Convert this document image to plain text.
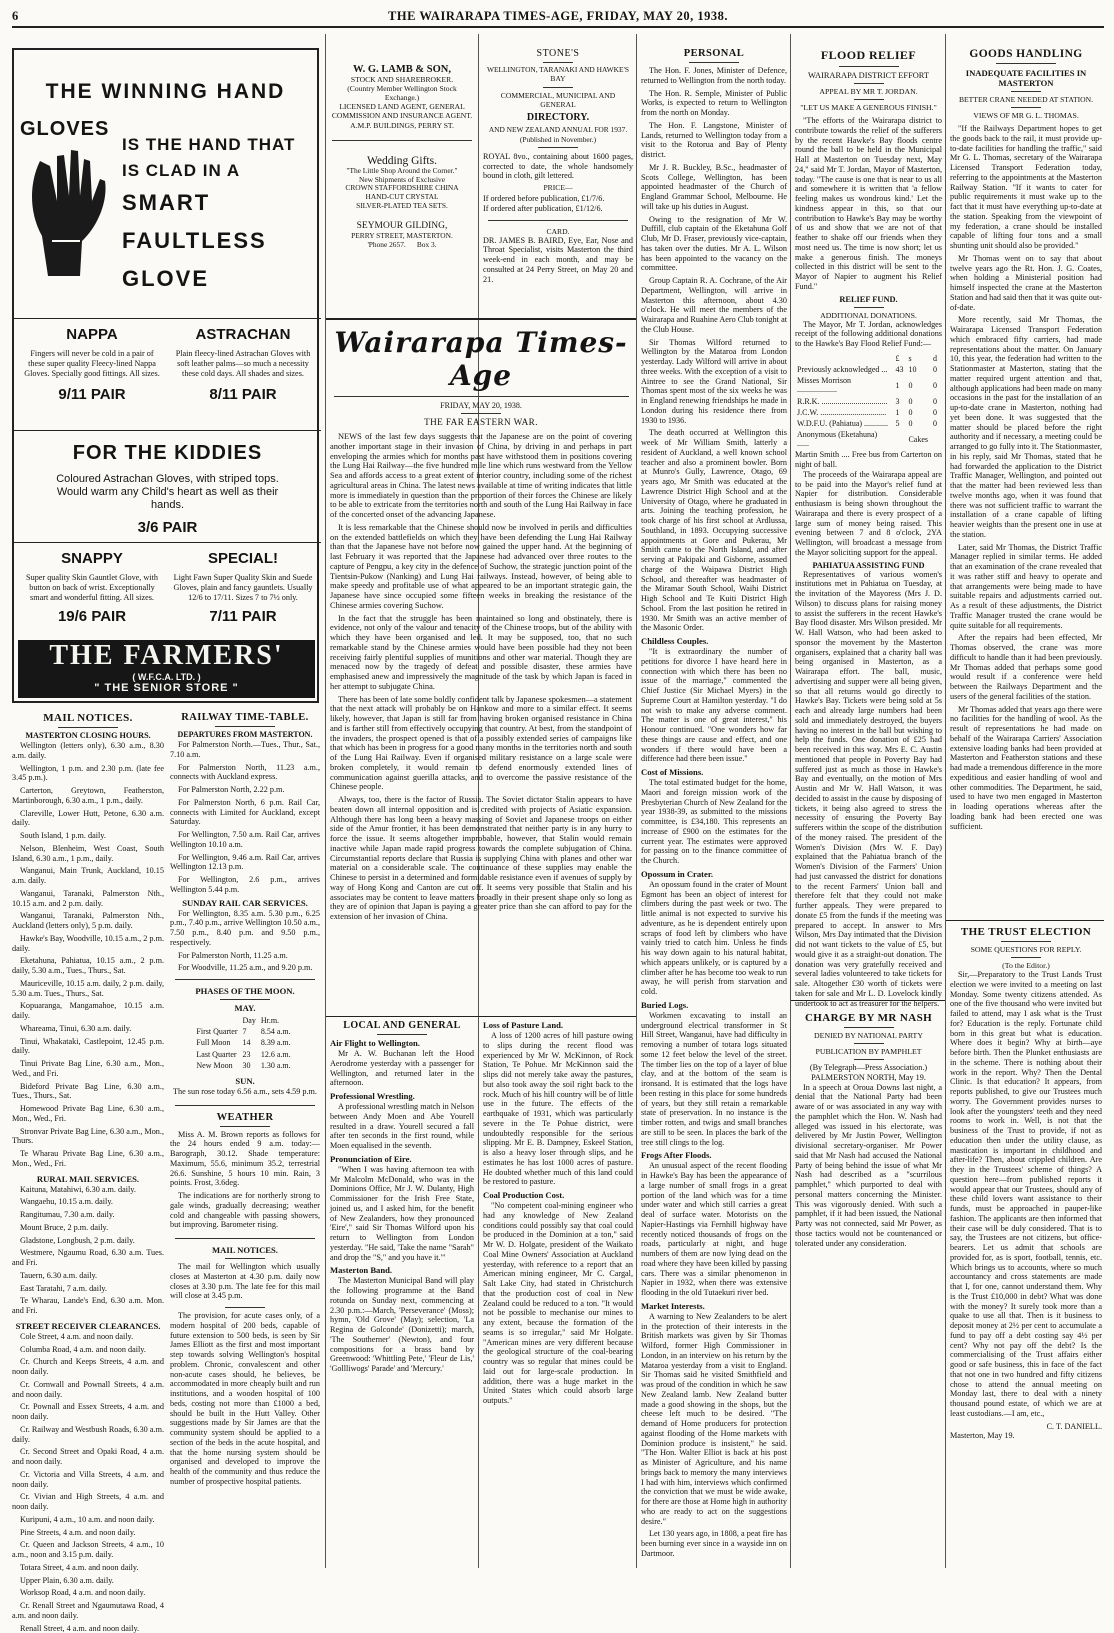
6	THE WAIRARAPA TIMES-AGE, FRIDAY, MAY 20, 1938.
THE WINNING HAND
GLOVES
IS THE HAND THAT
IS CLAD IN A
SMART
FAULTLESS
GLOVE
NAPPA
Fingers will never be cold in a pair of these super quality Fleecy-lined Nappa Gloves. Specially good fittings. All sizes.
9/11 PAIR
ASTRACHAN
Plain fleecy-lined Astrachan Gloves with soft leather palms—so much a necessity these cold days. All shades and sizes.
8/11 PAIR
FOR THE KIDDIES
Coloured Astrachan Gloves, with striped tops. Would warm any Child's heart as well as their hands.
3/6 PAIR
SNAPPY
Super quality Skin Gauntlet Glove, with button on back of wrist. Exceptionally smart and wonderful fitting. All sizes.
19/6 PAIR
SPECIAL!
Light Fawn Super Quality Skin and Suede Gloves, plain and fancy gauntlets. Usually 12/6 to 17/11. Sizes 7 to 7½ only.
7/11 PAIR
THE FARMERS'
( W.F.C.A. LTD. )
" THE SENIOR STORE "
MAIL NOTICES.
MASTERTON CLOSING HOURS.

Wellington (letters only), 6.30 a.m., 8.30 a.m. daily.

Wellington, 1 p.m. and 2.30 p.m. (late fee 3.45 p.m.).

Carterton, Greytown, Featherston, Martinborough, 6.30 a.m., 1 p.m., daily.

Clareville, Lower Hutt, Petone, 6.30 a.m. daily.

South Island, 1 p.m. daily.

Nelson, Blenheim, West Coast, South Island, 6.30 a.m., 1 p.m., daily.

Wanganui, Main Trunk, Auckland, 10.15 a.m. daily.

Wanganui, Taranaki, Palmerston Nth., 10.15 a.m. and 2 p.m. daily.

Wanganui, Taranaki, Palmerston Nth., Auckland (letters only), 5 p.m. daily.

Hawke's Bay, Woodville, 10.15 a.m., 2 p.m. daily.

Eketahuna, Pahiatua, 10.15 a.m., 2 p.m. daily, 5.30 a.m., Tues., Thurs., Sat.

Mauriceville, 10.15 a.m. daily, 2 p.m. daily, 5.30 a.m. Tues., Thurs., Sat.

Kopuaranga, Mangamahoe, 10.15 a.m. daily.

Whareama, Tinui, 6.30 a.m. daily.

Tinui, Whakataki, Castlepoint, 12.45 p.m. daily.

Tinui Private Bag Line, 6.30 a.m., Mon., Wed., and Fri.

Bideford Private Bag Line, 6.30 a.m., Tues., Thurs., Sat.

Homewood Private Bag Line, 6.30 a.m., Mon., Wed., Fri.

Stronvar Private Bag Line, 6.30 a.m., Mon., Thurs.

Te Wharau Private Bag Line, 6.30 a.m., Mon., Wed., Fri.

RURAL MAIL SERVICES.

Kaituna, Matahiwi, 6.30 a.m. daily.

Wangaehu, 10.15 a.m. daily.

Rangitumau, 7.30 a.m. daily.

Mount Bruce, 2 p.m. daily.

Gladstone, Longbush, 2 p.m. daily.

Westmere, Ngaumu Road, 6.30 a.m. Tues. and Fri.

Tauern, 6.30 a.m. daily.

East Taratahi, 7 a.m. daily.

Te Wharau, Lande's End, 6.30 a.m. Mon. and Fri.

STREET RECEIVER CLEARANCES.

Cole Street, 4 a.m. and noon daily.

Columba Road, 4 a.m. and noon daily.

Cr. Church and Keeps Streets, 4 a.m. and noon daily.

Cr. Cornwall and Pownall Streets, 4 a.m. and noon daily.

Cr. Pownall and Essex Streets, 4 a.m. and noon daily.

Cr. Railway and Westbush Roads, 6.30 a.m. daily.

Cr. Second Street and Opaki Road, 4 a.m. and noon daily.

Cr. Victoria and Villa Streets, 4 a.m. and noon daily.

Cr. Vivian and High Streets, 4 a.m. and noon daily.

Kuripuni, 4 a.m., 10 a.m. and noon daily.

Pine Streets, 4 a.m. and noon daily.

Cr. Queen and Jackson Streets, 4 a.m., 10 a.m., noon and 3.15 p.m. daily.

Totara Street, 4 a.m. and noon daily.

Upper Plain, 6.30 a.m. daily.

Worksop Road, 4 a.m. and noon daily.

Cr. Renall Street and Ngaumutawa Road, 4 a.m. and noon daily.

Renall Street, 4 a.m. and noon daily.

RAILWAY TIME-TABLE.
DEPARTURES FROM MASTERTON.

For Palmerston North.—Tues., Thur., Sat., 7.10 a.m.

For Palmerston North, 11.23 a.m., connects with Auckland express.

For Palmerston North, 2.22 p.m.

For Palmerston North, 6 p.m. Rail Car, connects with Limited for Auckland, except Saturday.

For Wellington, 7.50 a.m. Rail Car, arrives Wellington 10.10 a.m.

For Wellington, 9.46 a.m. Rail Car, arrives Wellington 12.13 p.m.

For Wellington, 2.6 p.m., arrives Wellington 5.44 p.m.

SUNDAY RAIL CAR SERVICES.

For Wellington, 8.35 a.m. 5.30 p.m., 6.25 p.m., 7.40 p.m., arrive Wellington 10.50 a.m., 7.50 p.m., 8.40 p.m. and 9.50 p.m., respectively.

For Palmerston North, 11.25 a.m.

For Woodville, 11.25 a.m., and 9.20 p.m.

PHASES OF THE MOON.
MAY.
	Day	Hr.m.
First Quarter	7	8.54 a.m.
Full Moon	14	8.39 a.m.
Last Quarter	23	12.6 a.m.
New Moon	30	1.30 a.m.
SUN.
The sun rose today 6.56 a.m., sets 4.59 p.m.
WEATHER

Miss A. M. Brown reports as follows for the 24 hours ended 9 a.m. today:—Barograph, 30.12. Shade temperature: Maximum, 55.6, minimum 35.2, terrestrial 26.6. Sunshine, 5 hours 10 min. Rain, 3 points. Frost, 3.6deg.

The indications are for northerly strong to gale winds, gradually decreasing; weather cold and changeable with passing showers, but improving. Barometer rising.

MAIL NOTICES.

The mail for Wellington which usually closes at Masterton at 4.30 p.m. daily now closes at 3.30 p.m. The late fee for this mail will close at 3.45 p.m.

The provision, for acute cases only, of a modern hospital of 200 beds, capable of future extension to 500 beds, is seen by Sir James Elliott as the first and most important step towards solving Wellington's hospital problem. Chronic, convalescent and other non-acute cases should, he believes, be accommodated in more cheaply built and run institutions, and a wooden hospital of 100 beds, costing not more than £1000 a bed, should be built in the Hutt Valley. Other suggestions made by Sir James are that the community system should be applied to a section of the beds in the acute hospital, and that the home nursing system should be organised and developed to improve the health of the community and thus reduce the number of prospective hospital patients.

W. G. LAMB & SON,
STOCK AND SHAREBROKER.
(Country Member Wellington Stock Exchange.)
LICENSED LAND AGENT, GENERAL COMMISSION AND INSURANCE AGENT.
A.M.P. BUILDINGS, PERRY ST.
Wedding Gifts.
"The Little Shop Around the Corner."
New Shipments of Exclusive
CROWN STAFFORDSHIRE CHINA
HAND-CUT CRYSTAL
SILVER-PLATED TEA SETS.
SEYMOUR GILDING,
PERRY STREET, MASTERTON.
'Phone 2657.      Box 3.
STONE'S
WELLINGTON, TARANAKI AND HAWKE'S BAY
COMMERCIAL, MUNICIPAL AND GENERAL
DIRECTORY.
AND NEW ZEALAND ANNUAL FOR 1937.
(Published in November.)
ROYAL 8vo., containing about 1600 pages, corrected to date, the whole handsomely bound in cloth, gilt lettered.
PRICE—
If ordered before publication, £1/7/6.
If ordered after publication, £1/12/6.
CARD.
DR. JAMES B. BAIRD, Eye, Ear, Nose and Throat Specialist, visits Masterton the third week-end in each month, and may be consulted at 24 Perry Street, on May 20 and 21.
Wairarapa Times-Age
FRIDAY, MAY 20, 1938.
THE FAR EASTERN WAR.

NEWS of the last few days suggests that the Japanese are on the point of covering another important stage in their invasion of China, by driving in and perhaps in part enveloping the armies which for months past have withstood them in positions covering the Lung Hai Railway—the five hundred mile line which runs westward from the Yellow Sea and affords access to a great extent of interior country, including some of the richest agricultural areas in China. The latest news available at time of writing indicates that little more is immediately in question than the proportion of their forces the Chinese are likely to be able to extricate from the territories north and south of the Lung Hai Railway in face of the concerted onset of the advancing Japanese.

It is less remarkable that the Chinese should now be involved in perils and difficulties on the extended battlefields on which they have been defending the Lung Hai Railway than that the Japanese have not before now gained the upper hand. At the beginning of last February it was reported that the Japanese had advanced over three routes to the capture of Pengpu, a key city in the defence of Suchow, the strategic junction point of the Tientsin-Pukow (Nanking) and Lung Hai railways. Instead, however, of being able to make speedy and profitable use of what appeared to be an important strategic gain, the Japanese have since occupied some fifteen weeks in breaking the resistance of the Chinese armies covering Suchow.

In the fact that the struggle has been maintained so long and obstinately, there is evidence, not only of the valour and tenacity of the Chinese troops, but of the ability with which they have been organised and led. It may be supposed, too, that no such remarkable stand by the Chinese armies would have been possible had they not been receiving fairly plentiful supplies of munitions and other war material. Though they are menaced now by the tragedy of defeat and possible disaster, these armies have emphasised anew and impressively the magnitude of the task by which Japan is faced in her attempt to subjugate China.

There has been of late some boldly confident talk by Japanese spokesmen—a statement that the next attack will probably be on Hankow and more to a similar effect. It seems likely, however, that Japan is still far from having broken organised resistance in China and is farther still from effectively occupying that country. At best, from the standpoint of the invaders, the prospect opened is that of a possibly extended series of campaigns like that which has been in progress for a good many months in the territories north and south of the Lung Hai Railway. Even if organised military resistance on a large scale were broken completely, it would remain to defend enormously extended lines of communication against guerilla attacks, and to overcome the passive resistance of the Chinese people.

Always, too, there is the factor of Russia. The Soviet dictator Stalin appears to have beaten down all internal opposition and is credited with projects of Asiatic expansion. Although there has long been a heavy massing of Soviet and Japanese troops on either side of the Amur frontier, it has been demonstrated that neither party is in any hurry to force the issue. It seems altogether improbable, however, that Stalin would remain inactive while Japan made rapid progress towards the complete subjugation of China. Circumstantial reports declare that Russia is supplying China with planes and other war material on a considerable scale. The continuance of these supplies may enable the Chinese to persist in a determined and formidable resistance even if avenues of supply by way of Hong Kong and Canton are cut off. It seems very possible that Stalin and his associates may be content to leave matters broadly in their present shape only so long as they are of opinion that Japan is paying a greater price than she can afford to pay for the extension of her invasion of China.

LOCAL AND GENERAL
Air Flight to Wellington.

Mr A. W. Buchanan left the Hood Aerodrome yesterday with a passenger for Wellington, and returned later in the afternoon.

Professional Wrestling.

A professional wrestling match in Nelson between Andy Moen and Abe Yourell resulted in a draw. Yourell secured a fall after ten seconds in the first round, while Moen equalised in the seventh.

Pronunciation of Eire.

"When I was having afternoon tea with Mr Malcolm McDonald, who was in the Dominions Office, Mr J. W. Dulanty, High Commissioner for the Irish Free State, joined us, and I asked him, for the benefit of New Zealanders, how they pronounced 'Eire'," said Sir Thomas Wilford upon his return to Wellington from London yesterday. "He said, 'Take the name "Sarah" and drop the "S," and you have it.'"

Masterton Band.

The Masterton Municipal Band will play the following programme at the Band rotunda on Sunday next, commencing at 2.30 p.m.:—March, 'Perseverance' (Moss); hymn, 'Old Grove' (May); selection, 'La Regina de Golconde' (Donizetti); march, 'The Southerner' (Newton), and four compositions for a brass band by Greenwood: 'Whittling Pete,' 'Fleur de Lis,' 'Gollliwogs' Parade' and 'Mercury.'

Loss of Pasture Land.

A loss of 1200 acres of hill pasture owing to slips during the recent flood was experienced by Mr W. McKinnon, of Rock Station, Te Pohue. Mr McKinnon said the slips did not merely take away the pastures, but also took away the soil right back to the rock. Much of his hill country will be of little use in the future. The effects of the earthquake of 1931, which was particularly severe in the Te Pohue district, were undoubtedly responsible for the serious slipping. Mr E. B. Dampney, Eskeel Station, is also a heavy loser through slips, and he estimates he has lost 1000 acres of pasture. He doubted whether much of this land could be restored to pasture.

Coal Production Cost.

"No competent coal-mining engineer who had any knowledge of New Zealand conditions could possibly say that coal could be produced in the Dominion at a ton," said Mr W. D. Holgate, president of the Waikato Coal Mine Owners' Association at Auckland yesterday, with reference to a report that an American mining engineer, Mr C. Cargal, Salt Lake City, had stated in Christchurch that the production cost of coal in New Zealand could be reduced to a ton. "It would not be possible to mechanise our mines to any extent, because the formation of the seams is so irregular," said Mr Holgate. "American mines are very different because the geological structure of the coal-bearing country was so regular that mines could be laid out for large-scale production. In addition, there was a huge market in the United States which could absorb large outputs."

PERSONAL

The Hon. F. Jones, Minister of Defence, returned to Wellington from the north today.

The Hon. R. Semple, Minister of Public Works, is expected to return to Wellington from the north on Monday.

The Hon. F. Langstone, Minister of Lands, returned to Wellington today from a visit to the Rotorua and Bay of Plenty district.

Mr J. R. Buckley, B.Sc., headmaster of Scots College, Wellington, has been appointed headmaster of the Church of England Grammar School, Melbourne. He will take up his duties in August.

Owing to the resignation of Mr W. Duffill, club captain of the Eketahuna Golf Club, Mr D. Fraser, previously vice-captain, has taken over the duties. Mr A. L. Wilson has been appointed to the vacancy on the committee.

Group Captain R. A. Cochrane, of the Air Department, Wellington, will arrive in Masterton this afternoon, about 4.30 o'clock. He will meet the members of the Wairarapa and Ruahine Aero Club tonight at the Club House.

Sir Thomas Wilford returned to Wellington by the Mataroa from London yesterday. Lady Wilford will arrive in about three weeks. With the exception of a visit to Aintree to see the Grand National, Sir Thomas spent most of the six weeks he was in England renewing friendships he made in London during his residence there from 1930 to 1936.

The death occurred at Wellington this week of Mr William Smith, latterly a resident of Auckland, a well known school teacher and also a prominent bowler. Born at Munro's Gully, Lawrence, Otago, 69 years ago, Mr Smith was educated at the Lawrence District High School and at the University of Otago, where he graduated in arts. Joining the teaching profession, he took charge of his first school at Ardlussa, Southland, in 1893. Occupying successive appointments at Gore and Pukerau, Mr Smith came to the North Island, and after serving at Pakipaki and Gisborne, assumed charge of the Waipawa District High School, and thereafter was headmaster of the Miramar South School, Waihi District High School and Te Kuiti District High School. From the last position he retired in 1930. Mr Smith was an active member of the Masonic Order.

Childless Couples.

"It is extraordinary the number of petitions for divorce I have heard here in connection with which there has been no issue of the marriage," commented the Chief Justice (Sir Michael Myers) in the Supreme Court at Hamilton yesterday. "I do not wish to make any adverse comment. The matter is one of great interest," his Honour continued. "One wonders how far these things are cause and effect, and one wonders if there would have been a difference had there been issue."

Cost of Missions.

The total estimated budget for the home, Maori and foreign mission work of the Presbyterian Church of New Zealand for the year 1938-39, as submitted to the missions committee, is £34,180. This represents an increase of £900 on the estimates for the current year. The estimates were approved for passing on to the finance committee of the Church.

Opossum in Crater.

An opossum found in the crater of Mount Egmont has been an object of interest for climbers during the past week or two. The little animal is not expected to survive his adventure, as he is dependent entirely upon scraps of food left by climbers who have vainly tried to catch him. Unless he finds his way down again to his natural habitat, which appears unlikely, or is captured by a climber after he has become too weak to run away, he will perish from starvation and cold.

Buried Logs.

Workmen excavating to install an underground electrical transformer in St Hill Street, Wanganui, have had difficulty in removing a number of totara logs situated some 12 feet below the level of the street. The timber lies on the top of a layer of blue clay, and at the bottom of the seam is ironsand. It is estimated that the logs have been resting in this place for some hundreds of years, but they still retain a remarkable state of preservation. In no instance is the timber rotten, and twigs and small branches are still to be seen. In places the bark of the tree still clings to the log.

Frogs After Floods.

An unusual aspect of the recent flooding in Hawke's Bay has been the appearance of a large number of small frogs in a great portion of the land which was for a time under water and which still carries a great deal of surface water. Motorists on the Napier-Hastings via Fernhill highway have recently noticed thousands of frogs on the roads, particularly at night, and huge numbers of them are now lying dead on the road where they have been killed by passing cars. There was a similar phenomenon in Napier in 1932, when there was extensive flooding in the old Tutaekuri river bed.

Market Interests.

A warning to New Zealanders to be alert in the protection of their interests in the British markets was given by Sir Thomas Wilford, former High Commissioner in London, in an interview on his return by the Mataroa yesterday from a visit to England. Sir Thomas said he visited Smithfield and was proud of the condition in which he saw New Zealand lamb. New Zealand butter made a good showing in the shops, but the cheese left much to be desired. "The demand of Home producers for protection against flooding of the Home markets with Dominion produce is insistent," he said. "The Hon. Walter Elliot is back at his post as Minister of Agriculture, and his name brings back to memory the many interviews I had with him, interviews which confirmed the conviction that we must be wide awake, for there are those at Home high in authority who are ready to act on the suggestions desire."

Let 130 years ago, in 1808, a peat fire has been burning ever since in a wayside inn on Dartmoor.

FLOOD RELIEF
WAIRARAPA DISTRICT EFFORT
APPEAL BY MR T. JORDAN.
"LET US MAKE A GENEROUS FINISH."

"The efforts of the Wairarapa district to contribute towards the relief of the sufferers by the recent Hawke's Bay floods centre round the ball to be held in the Municipal Hall at Masterton on Tuesday next, May 24," said Mr T. Jordan, Mayor of Masterton, today. "The cause is one that is near to us all and somewhere it is written that 'a fellow feeling makes us wondrous kind.' Let the kindness appear in this, so that our contribution to Hawke's Bay may be worthy of us and show that we are not of that feather to shake off our friends when they most need us. The time is now short; let us make a generous finish. The moneys collected in this district will be sent to the Mayor of Napier to augment his Relief Fund."

RELIEF FUND.
ADDITIONAL DONATIONS.

The Mayor, Mr T. Jordan, acknowledges receipt of the following additional donations to the Hawke's Bay Flood Relief Fund:—

	£	s	d
Previously acknowledged ...	43	10	0
Misses Morrison ....................	1	0	0
R.R.K. .................................	3	0	0
J.C.W. .................................	1	0	0
W.D.F.U. (Pahiatua) ............	5	0	0
Anonymous (Eketahuna) ......		Cakes	
Martin Smith .... Free bus from Carterton on night of ball.

The proceeds of the Wairarapa appeal are to be paid into the Mayor's relief fund at Napier for distribution. Considerable enthusiasm is being shown throughout the Wairarapa and there is every prospect of a large sum of money being raised. This evening between 7 and 8 o'clock, 2YA Wellington, will broadcast a message from the Mayor soliciting support for the appeal.

PAHIATUA ASSISTING FUND

Representatives of various women's institutions met in Pahiatua on Tuesday, at the invitation of the Mayoress (Mrs J. D. Wilson) to discuss plans for raising money to assist the sufferers in the recent Hawke's Bay flood disaster. Mrs Wilson presided. Mr W. Hall Watson, who had been asked to sponsor the movement by the Masterton organisers, explained that a charity ball was being organised in Masterton, as a Wairarapa effort. The ball, music, advertising and supper were all being given, so that all returns would go directly to Hawke's Bay. Tickets were being sold at 5s each and already large numbers had been sold and immediately destroyed, the buyers having no interest in the ball but wishing to help the funds. One donation of £25 had been received in this way. Mrs E. C. Austin mentioned that people in Poverty Bay had suffered just as much as those in Hawke's Bay and eventually, on the motion of Mrs Austin and Mr W. Hall Watson, it was decided to assist in the cause by disposing of tickets, it being also agreed to stress the necessity of ensuring the Poverty Bay sufferers within the scope of the distribution of the money raised. The president of the Women's Division (Mrs W. F. Day) explained that the Pahiatua branch of the Women's Division of the Farmers' Union had just canvassed the district for donations to the recent Farmers' Union ball and therefore felt that they could not make further appeals. They were prepared to donate £5 from the funds if the meeting was prepared to accept. In answer to Mrs Wilson, Mrs Day intimated that the Division did not want tickets to the value of £5, but would give it as a straight-out donation. The donation was very gratefully received and several ladies volunteered to take tickets for sale. Altogether £30 worth of tickets were taken for sale and Mr L. D. Lovelock kindly undertook to act as treasurer for the helpers.

CHARGE BY MR NASH
DENIED BY NATIONAL PARTY
PUBLICATION BY PAMPHLET
(By Telegraph—Press Association.) PALMERSTON NORTH, May 19.

In a speech at Oroua Downs last night, a denial that the National Party had been aware of or was associated in any way with the pamphlet which the Hon. W. Nash had alleged was issued in his electorate, was delivered by Mr Justin Power, Wellington divisional secretary-organiser. Mr Power said that Mr Nash had accused the National Party of being behind the issue of what Mr Nash had described as a "scurrilous pamphlet," which purported to deal with personal matters concerning the Minister. This was vigorously denied. With such a pamphlet, if it had been issued, the National Party was not connected, said Mr Power, as those tactics would not be countenanced or tolerated under any consideration.

GOODS HANDLING
INADEQUATE FACILITIES IN MASTERTON
BETTER CRANE NEEDED AT STATION.
VIEWS OF MR G. L. THOMAS.

"If the Railways Department hopes to get the goods back to the rail, it must provide up-to-date facilities for handling the traffic," said Mr G. L. Thomas, secretary of the Wairarapa Licensed Transport Federation today, referring to the appointments at the Masterton Railway Station. "If it wants to cater for public requirements it must wake up to the fact that it must have everything up-to-date at the station. Speaking from the viewpoint of my federation, a crane should be installed capable of lifting four tons and a small shunting unit should also be provided."

Mr Thomas went on to say that about twelve years ago the Rt. Hon. J. G. Coates, when holding a Ministerial position had himself inspected the crane at the Masterton Station and had said then that it was quite out-of-date.

More recently, said Mr Thomas, the Wairarapa Licensed Transport Federation which embraced fifty carriers, had made representations about the matter. On January 10, this year, the federation had written to the Stationmaster at Masterton, stating that the matter required urgent attention and that, although applications had been made on many occasions in the past for the installation of an up-to-date crane in Masterton, nothing had yet been done. It was suggested that the matter should be placed before the right authority and if necessary, a meeting could be arranged to go fully into it. The Stationmaster, in his reply, said Mr Thomas, stated that he had forwarded the application to the District Traffic Manager, Wellington, and pointed out that the matter had been reviewed less than twelve months ago, when it was found that there was not sufficient traffic to warrant the installation of a crane capable of lifting heavier weights than the present one in use at the station.

Later, said Mr Thomas, the District Traffic Manager replied in similar terms. He added that an examination of the crane revealed that it was rather stiff and heavy to operate and that arrangements were being made to have suitable repairs and adjustments carried out. As a result of these adjustments, the District Traffic Manager trusted the crane would be quite suitable for all requirements.

After the repairs had been effected, Mr Thomas observed, the crane was more difficult to handle than it had been previously. Mr Thomas added that perhaps some good would result if a conference were held between the Railways Department and the users of the general facilities of the station.

Mr Thomas added that years ago there were no facilities for the handling of wool. As the result of representations he had made on behalf of the Wairarapa Carriers' Association extensive loading banks had been provided at Masterton and Featherston stations and these had made a tremendous difference in the more expeditious and easier handling of wool and other commodities. The Department, he said, used to have two men engaged in Masterton in loading operations whereas after the loading bank had been erected one was sufficient.

THE TRUST ELECTION
SOME QUESTIONS FOR REPLY.
(To the Editor.)

Sir,—Preparatory to the Trust Lands Trust election we were invited to a meeting on last Monday. Some twenty citizens attended. As one of the five thousand who were invited but failed to attend, may I ask what is the Trust for? Education is the reply. Fortunate child born in this great but what is education. Where does it begin? Why at birth—aye before birth. Then the Plunket enthusiasts are in the scheme. There is nothing about their work in the report. Why? Then the Dental Clinic. Is that education? It appears, from reports published, to give our Trustees much worry. The Government provides nurses to look after the youngsters' teeth and they need rooms to work in. Well, is not that the business of the Trust to provide, if not as education then under the utility clause, as mastication is important in childhood and after-life? Then, about crippled children. Are they in the Trustees' scheme of things? A question here—from published reports it would appear that our Trustees, should any of these child lovers want assistance to their funds, must be approached in pauper-like fashion. The applicants are then informed that their case will be duly considered. That is to say, the Trustees are not citizens, but office-bearers. Let us admit that schools are provided for, as is sport, football, tennis, etc. Which brings us to accounts, where so much accountancy and cross statements are made that I, for one, cannot understand them. Why is the Trust £10,000 in debt? What was done with the money? It surely took more than a quake to use all that. Then is it business to deposit money at 2½ per cent to accumulate a fund to pay off a debt costing say 4½ per cent? Why not pay off the debt? Is the commercialising of the Trust affairs either good or safe business, this in face of the fact that not one in two hundred and fifty citizens chose to attend the annual meeting on Monday last, there to deal with a ninety thousand pound estate, of which we are at least custodians.—I am, etc.,

C. T. DANIELL.
Masterton, May 19.
